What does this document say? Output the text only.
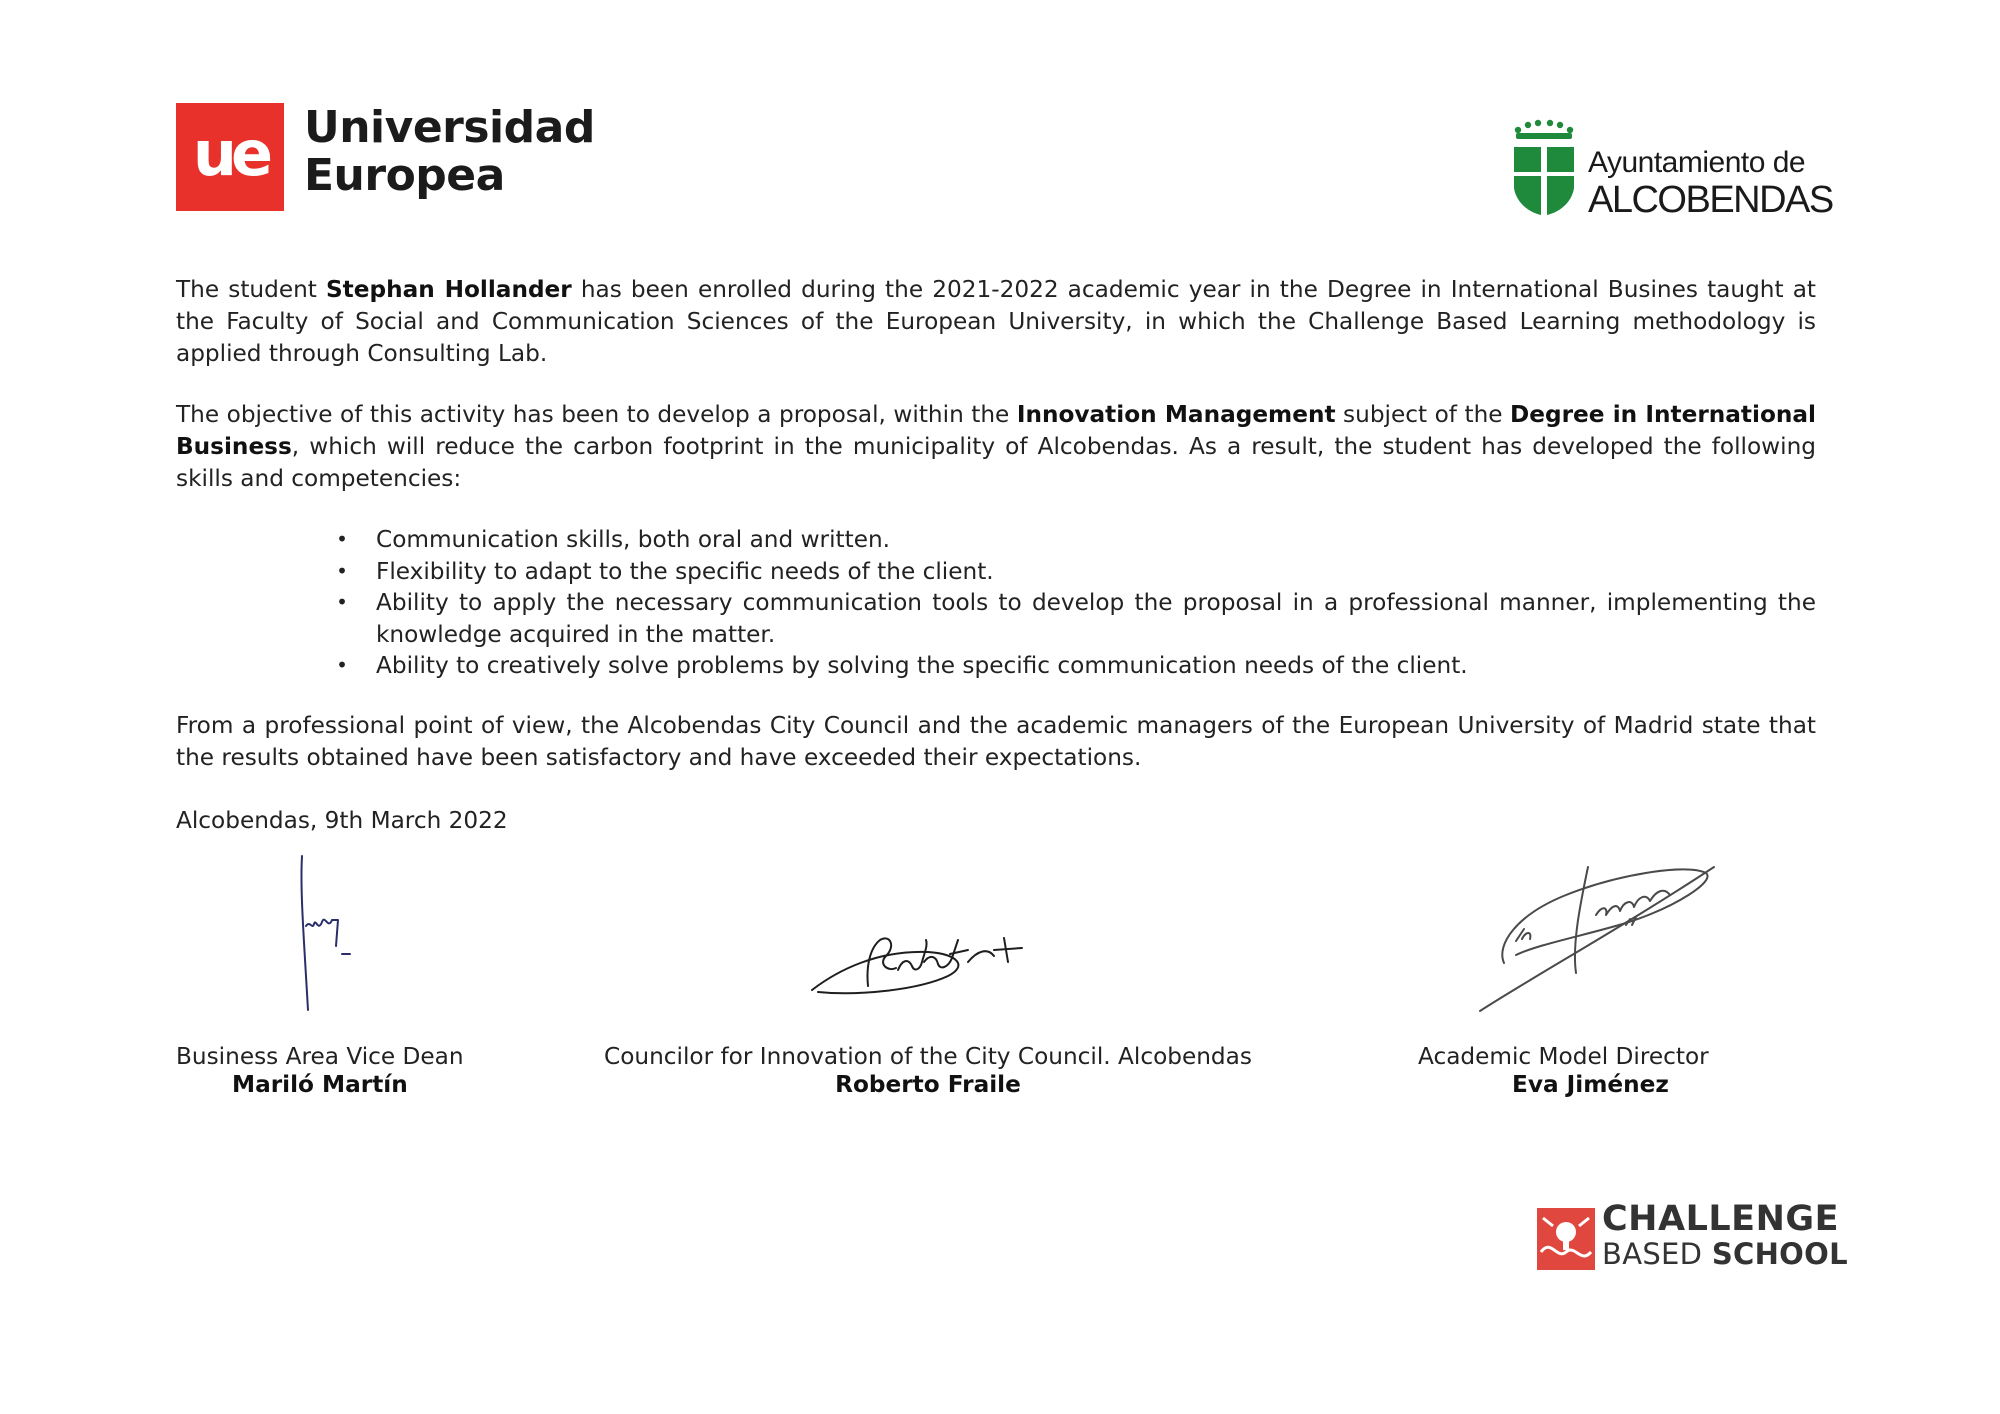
ue Universidad
Europea	Ayuntamiento de
ALCOBENDAS
The student Stephan Hollander has been enrolled during the 2021-2022 academic year in the Degree in International Busines taught at the Faculty of Social and Communication Sciences of the European University, in which the Challenge Based Learning methodology is applied through Consulting Lab.
The objective of this activity has been to develop a proposal, within the Innovation Management subject of the Degree in International Business, which will reduce the carbon footprint in the municipality of Alcobendas. As a result, the student has developed the following skills and competencies:
• Communication skills, both oral and written.
• Flexibility to adapt to the specific needs of the client.
• Ability to apply the necessary communication tools to develop the proposal in a professional manner, implementing the knowledge acquired in the matter.
• Ability to creatively solve problems by solving the specific communication needs of the client.
From a professional point of view, the Alcobendas City Council and the academic managers of the European University of Madrid state that the results obtained have been satisfactory and have exceeded their expectations.
Alcobendas, 9th March 2022
Business Area Vice Dean
Mariló Martín
Councilor for Innovation of the City Council. Alcobendas
Roberto Fraile
Academic Model Director
Eva Jiménez
CHALLENGE
BASED SCHOOL
